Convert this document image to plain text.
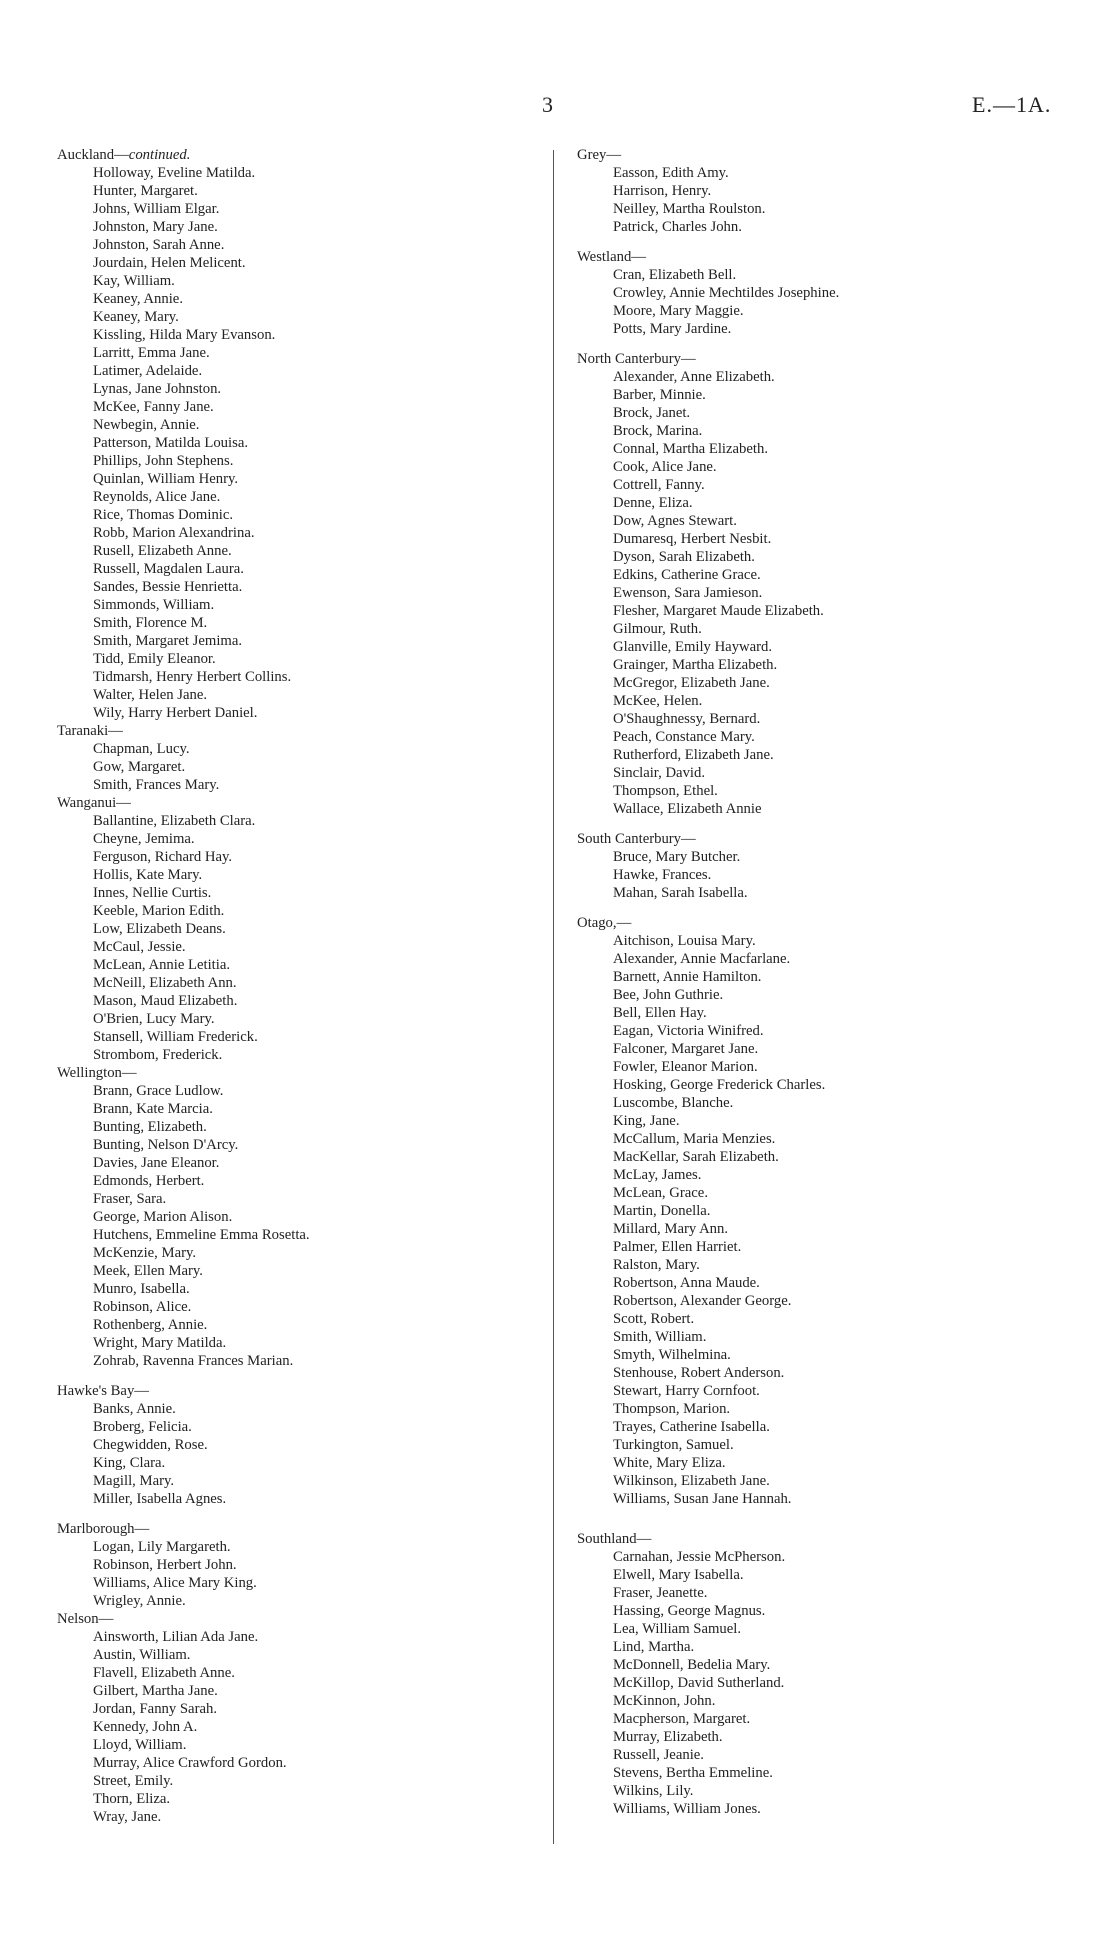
3	E.—1A.
Auckland—continued.
Holloway, Eveline Matilda.
Hunter, Margaret.
Johns, William Elgar.
Johnston, Mary Jane.
Johnston, Sarah Anne.
Jourdain, Helen Melicent.
Kay, William.
Keaney, Annie.
Keaney, Mary.
Kissling, Hilda Mary Evanson.
Larritt, Emma Jane.
Latimer, Adelaide.
Lynas, Jane Johnston.
McKee, Fanny Jane.
Newbegin, Annie.
Patterson, Matilda Louisa.
Phillips, John Stephens.
Quinlan, William Henry.
Reynolds, Alice Jane.
Rice, Thomas Dominic.
Robb, Marion Alexandrina.
Rusell, Elizabeth Anne.
Russell, Magdalen Laura.
Sandes, Bessie Henrietta.
Simmonds, William.
Smith, Florence M.
Smith, Margaret Jemima.
Tidd, Emily Eleanor.
Tidmarsh, Henry Herbert Collins.
Walter, Helen Jane.
Wily, Harry Herbert Daniel.
Taranaki—
Chapman, Lucy.
Gow, Margaret.
Smith, Frances Mary.
Wanganui—
Ballantine, Elizabeth Clara.
Cheyne, Jemima.
Ferguson, Richard Hay.
Hollis, Kate Mary.
Innes, Nellie Curtis.
Keeble, Marion Edith.
Low, Elizabeth Deans.
McCaul, Jessie.
McLean, Annie Letitia.
McNeill, Elizabeth Ann.
Mason, Maud Elizabeth.
O'Brien, Lucy Mary.
Stansell, William Frederick.
Strombom, Frederick.
Wellington—
Brann, Grace Ludlow.
Brann, Kate Marcia.
Bunting, Elizabeth.
Bunting, Nelson D'Arcy.
Davies, Jane Eleanor.
Edmonds, Herbert.
Fraser, Sara.
George, Marion Alison.
Hutchens, Emmeline Emma Rosetta.
McKenzie, Mary.
Meek, Ellen Mary.
Munro, Isabella.
Robinson, Alice.
Rothenberg, Annie.
Wright, Mary Matilda.
Zohrab, Ravenna Frances Marian.
Hawke's Bay—
Banks, Annie.
Broberg, Felicia.
Chegwidden, Rose.
King, Clara.
Magill, Mary.
Miller, Isabella Agnes.
Marlborough—
Logan, Lily Margareth.
Robinson, Herbert John.
Williams, Alice Mary King.
Wrigley, Annie.
Nelson—
Ainsworth, Lilian Ada Jane.
Austin, William.
Flavell, Elizabeth Anne.
Gilbert, Martha Jane.
Jordan, Fanny Sarah.
Kennedy, John A.
Lloyd, William.
Murray, Alice Crawford Gordon.
Street, Emily.
Thorn, Eliza.
Wray, Jane.
Grey—
Easson, Edith Amy.
Harrison, Henry.
Neilley, Martha Roulston.
Patrick, Charles John.
Westland—
Cran, Elizabeth Bell.
Crowley, Annie Mechtildes Josephine.
Moore, Mary Maggie.
Potts, Mary Jardine.
North Canterbury—
Alexander, Anne Elizabeth.
Barber, Minnie.
Brock, Janet.
Brock, Marina.
Connal, Martha Elizabeth.
Cook, Alice Jane.
Cottrell, Fanny.
Denne, Eliza.
Dow, Agnes Stewart.
Dumaresq, Herbert Nesbit.
Dyson, Sarah Elizabeth.
Edkins, Catherine Grace.
Ewenson, Sara Jamieson.
Flesher, Margaret Maude Elizabeth.
Gilmour, Ruth.
Glanville, Emily Hayward.
Grainger, Martha Elizabeth.
McGregor, Elizabeth Jane.
McKee, Helen.
O'Shaughnessy, Bernard.
Peach, Constance Mary.
Rutherford, Elizabeth Jane.
Sinclair, David.
Thompson, Ethel.
Wallace, Elizabeth Annie
South Canterbury—
Bruce, Mary Butcher.
Hawke, Frances.
Mahan, Sarah Isabella.
Otago,—
Aitchison, Louisa Mary.
Alexander, Annie Macfarlane.
Barnett, Annie Hamilton.
Bee, John Guthrie.
Bell, Ellen Hay.
Eagan, Victoria Winifred.
Falconer, Margaret Jane.
Fowler, Eleanor Marion.
Hosking, George Frederick Charles.
Luscombe, Blanche.
King, Jane.
McCallum, Maria Menzies.
MacKellar, Sarah Elizabeth.
McLay, James.
McLean, Grace.
Martin, Donella.
Millard, Mary Ann.
Palmer, Ellen Harriet.
Ralston, Mary.
Robertson, Anna Maude.
Robertson, Alexander George.
Scott, Robert.
Smith, William.
Smyth, Wilhelmina.
Stenhouse, Robert Anderson.
Stewart, Harry Cornfoot.
Thompson, Marion.
Trayes, Catherine Isabella.
Turkington, Samuel.
White, Mary Eliza.
Wilkinson, Elizabeth Jane.
Williams, Susan Jane Hannah.
Southland—
Carnahan, Jessie McPherson.
Elwell, Mary Isabella.
Fraser, Jeanette.
Hassing, George Magnus.
Lea, William Samuel.
Lind, Martha.
McDonnell, Bedelia Mary.
McKillop, David Sutherland.
McKinnon, John.
Macpherson, Margaret.
Murray, Elizabeth.
Russell, Jeanie.
Stevens, Bertha Emmeline.
Wilkins, Lily.
Williams, William Jones.
